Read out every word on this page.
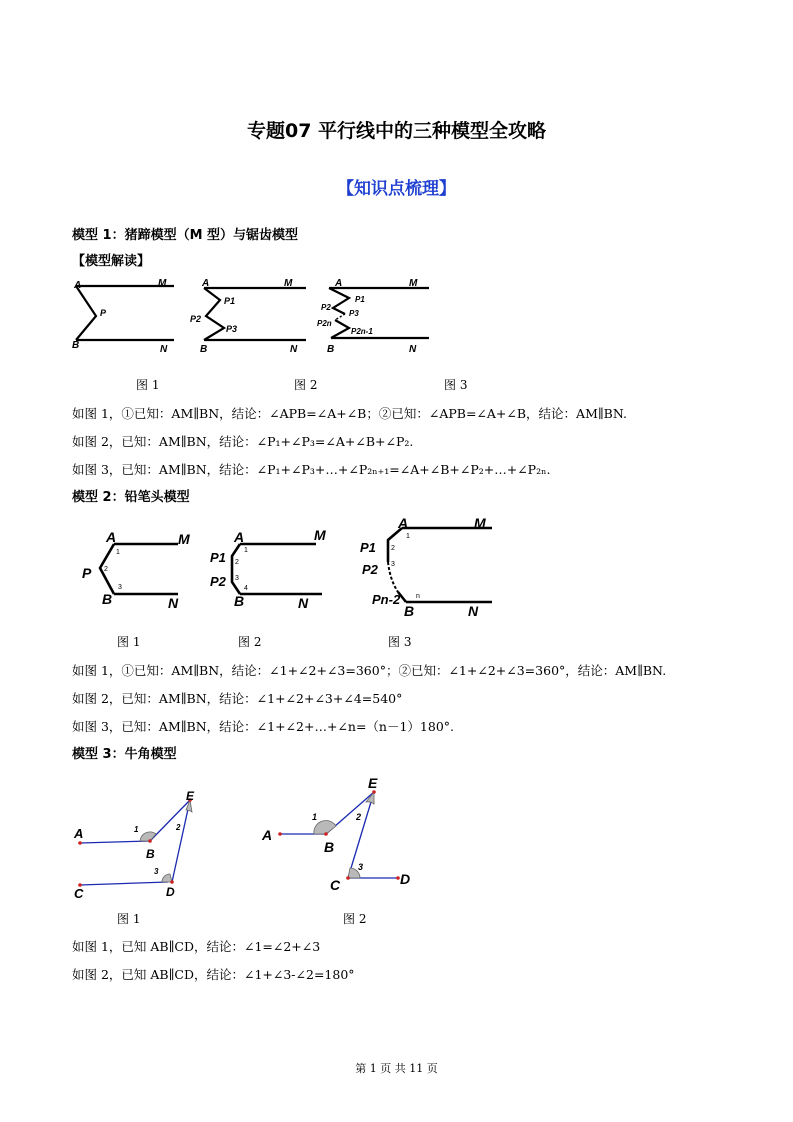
专题07 平行线中的三种模型全攻略
【知识点梳理】
模型 1：猪蹄模型（M 型）与锯齿模型
【模型解读】
A	M
P
B	N
A	M
P1
P2
P3
B	N
A	M
P1
P2
P3
P2n
P2n-1
B	N
图 1	图 2	图 3
如图 1，①已知：AM∥BN，结论：∠APB=∠A+∠B；②已知：∠APB=∠A+∠B，结论：AM∥BN.
如图 2，已知：AM∥BN，结论：∠P₁+∠P₃=∠A+∠B+∠P₂.
如图 3，已知：AM∥BN，结论：∠P₁+∠P₃+…+∠P₂ₙ₊₁=∠A+∠B+∠P₂+…+∠P₂ₙ.
模型 2：铅笔头模型
A	M
P
B	N
1
2
3
A	M
P1
P2
B	N
1
2
3
4
A	M
P1
P2
Pn-2
B	N
1
2
3
n
图 1	图 2	图 3
如图 1，①已知：AM∥BN，结论：∠1+∠2+∠3=360°；②已知：∠1+∠2+∠3=360°，结论：AM∥BN.
如图 2，已知：AM∥BN，结论：∠1+∠2+∠3+∠4=540°
如图 3，已知：AM∥BN，结论：∠1+∠2+…+∠n=（n－1）180°.
模型 3：牛角模型
A
B
C	D
E
1	2
3
A
B
C	D
E
1	2
3
图 1	图 2
如图 1，已知 AB∥CD，结论：∠1=∠2+∠3
如图 2，已知 AB∥CD，结论：∠1+∠3-∠2=180°
第 1 页 共 11 页
